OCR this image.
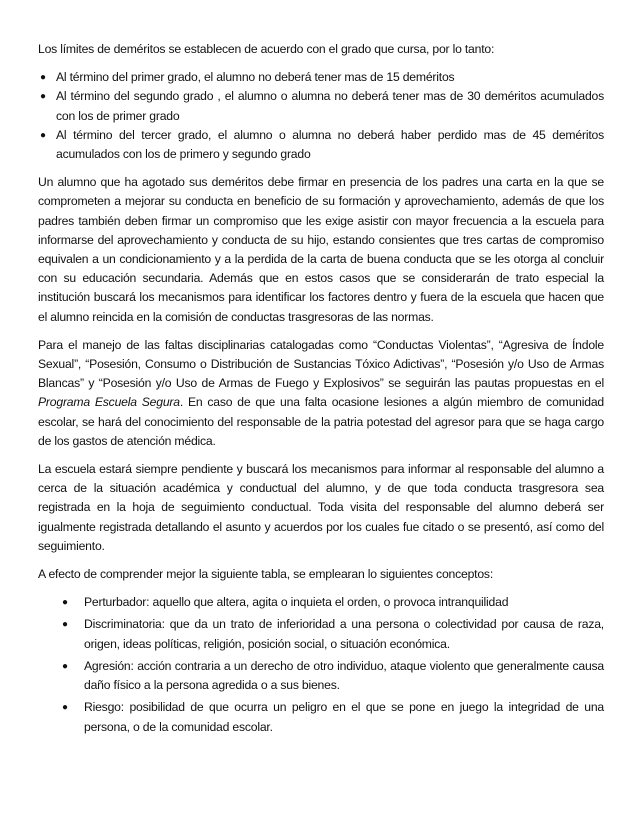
Los límites de deméritos se establecen de acuerdo con el grado que cursa, por lo tanto:

● Al término del primer grado, el alumno no deberá tener mas de 15 deméritos
● Al término del segundo grado , el alumno o alumna no deberá tener mas de 30 deméritos acumulados con los de primer grado
● Al término del tercer grado, el alumno o alumna no deberá haber perdido mas de 45 deméritos acumulados con los de primero y segundo grado

Un alumno que ha agotado sus deméritos debe firmar en presencia de los padres una carta en la que se comprometen a mejorar su conducta en beneficio de su formación y aprovechamiento, además de que los padres también deben firmar un compromiso que les exige asistir con mayor frecuencia a la escuela para informarse del aprovechamiento y conducta de su hijo, estando consientes que tres cartas de compromiso equivalen a un condicionamiento y a la perdida de la carta de buena conducta que se les otorga al concluir con su educación secundaria. Además que en estos casos que se considerarán de trato especial la institución buscará los mecanismos para identificar los factores dentro y fuera de la escuela que hacen que el alumno reincida en la comisión de conductas trasgresoras de las normas.

Para el manejo de las faltas disciplinarias catalogadas como “Conductas Violentas”, “Agresiva de Índole Sexual”, “Posesión, Consumo o Distribución de Sustancias Tóxico Adictivas”, “Posesión y/o Uso de Armas Blancas” y “Posesión y/o Uso de Armas de Fuego y Explosivos” se seguirán las pautas propuestas en el Programa Escuela Segura. En caso de que una falta ocasione lesiones a algún miembro de comunidad escolar, se hará del conocimiento del responsable de la patria potestad del agresor para que se haga cargo de los gastos de atención médica.

La escuela estará siempre pendiente y buscará los mecanismos para informar al responsable del alumno a cerca de la situación académica y conductual del alumno, y de que toda conducta trasgresora sea registrada en la hoja de seguimiento conductual. Toda visita del responsable del alumno deberá ser igualmente registrada detallando el asunto y acuerdos por los cuales fue citado o se presentó, así como del seguimiento.

A efecto de comprender mejor la siguiente tabla, se emplearan lo siguientes conceptos:

● Perturbador: aquello que altera, agita o inquieta el orden, o provoca intranquilidad
● Discriminatoria: que da un trato de inferioridad a una persona o colectividad por causa de raza, origen, ideas políticas, religión, posición social, o situación económica.
● Agresión: acción contraria a un derecho de otro individuo, ataque violento que generalmente causa daño físico a la persona agredida o a sus bienes.
● Riesgo: posibilidad de que ocurra un peligro en el que se pone en juego la integridad de una persona, o de la comunidad escolar.
